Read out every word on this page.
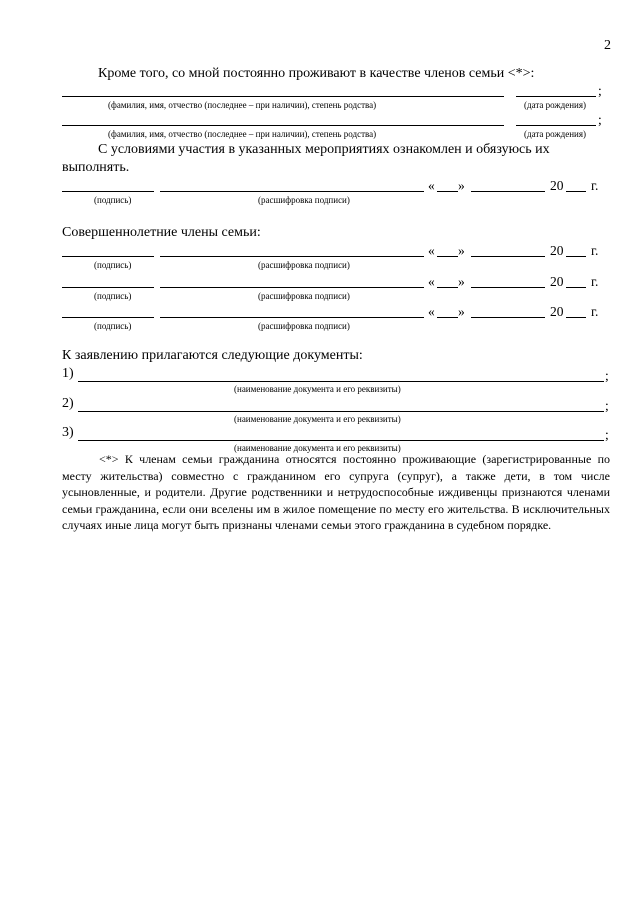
2
Кроме того, со мной постоянно проживают в качестве членов семьи <*>:
;
(фамилия, имя, отчество (последнее – при наличии), степень родства)	(дата рождения)
;
(фамилия, имя, отчество (последнее – при наличии), степень родства)	(дата рождения)
С условиями участия в указанных мероприятиях ознакомлен и обязуюсь их
выполнять.
« »	20 г.
(подпись)	(расшифровка подписи)
Совершеннолетние члены семьи:
« »	20 г.
(подпись)	(расшифровка подписи)
« »	20 г.
(подпись)	(расшифровка подписи)
« »	20 г.
(подпись)	(расшифровка подписи)
К заявлению прилагаются следующие документы:
1)	;
(наименование документа и его реквизиты)
2)	;
(наименование документа и его реквизиты)
3)	;
(наименование документа и его реквизиты)

<*> К членам семьи гражданина относятся постоянно проживающие (зарегистрированные по месту жительства) совместно с гражданином его супруга (супруг), а также дети, в том числе усыновленные, и родители. Другие родственники и нетрудоспособные иждивенцы признаются членами семьи гражданина, если они вселены им в жилое помещение по месту его жительства. В исключительных случаях иные лица могут быть признаны членами семьи этого гражданина в судебном порядке.
